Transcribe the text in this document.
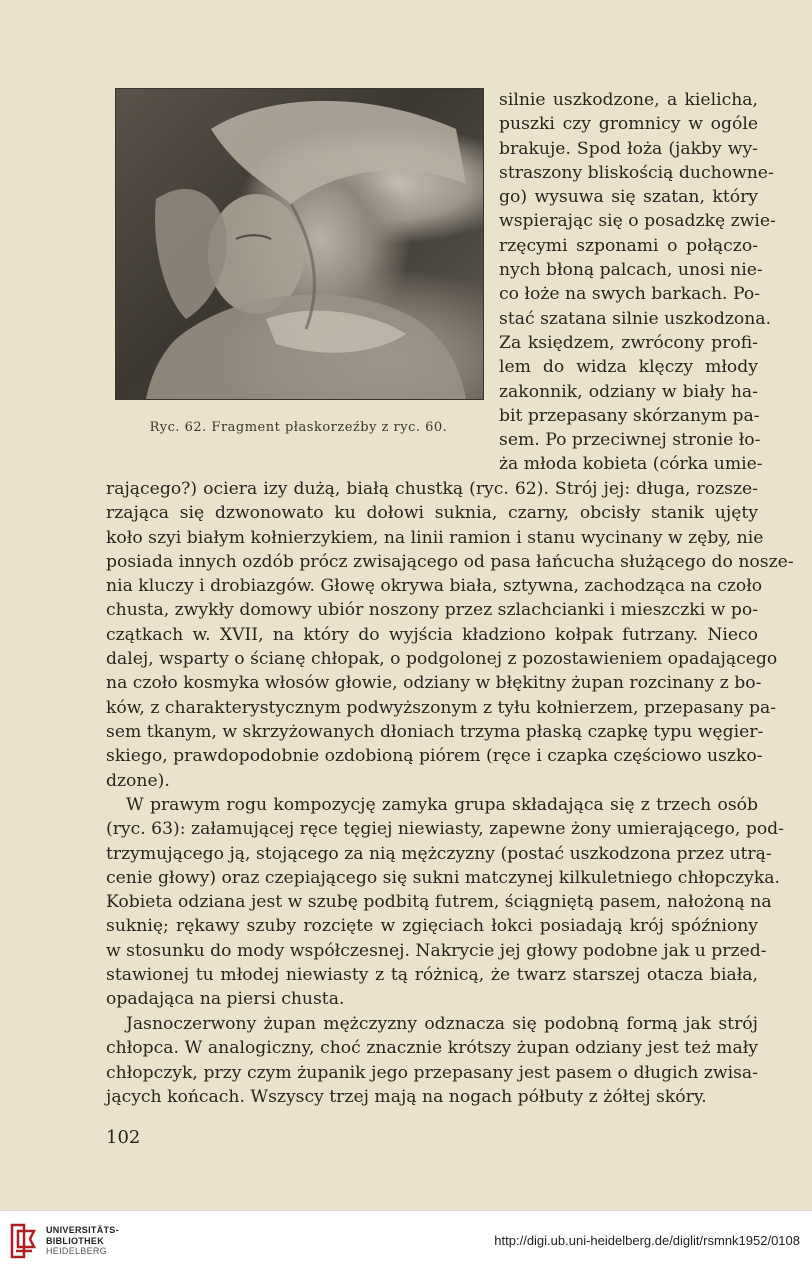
Ryc. 62. Fragment płaskorzeźby z ryc. 60.
silnie uszkodzone, a kielicha,
puszki czy gromnicy w ogóle
brakuje. Spod łoża (jakby wy-
straszony bliskością duchowne-
go) wysuwa się szatan, który
wspierając się o posadzkę zwie-
rzęcymi szponami o połączo-
nych błoną palcach, unosi nie-
co łoże na swych barkach. Po-
stać szatana silnie uszkodzona.
Za księdzem, zwrócony profi-
lem do widza klęczy młody
zakonnik, odziany w biały ha-
bit przepasany skórzanym pa-
sem. Po przeciwnej stronie ło-
ża młoda kobieta (córka umie-
rającego?) ociera izy dużą, białą chustką (ryc. 62). Strój jej: długa, rozsze-
rzająca się dzwonowato ku dołowi suknia, czarny, obcisły stanik ujęty
koło szyi białym kołnierzykiem, na linii ramion i stanu wycinany w zęby, nie
posiada innych ozdób prócz zwisającego od pasa łańcucha służącego do nosze-
nia kluczy i drobiazgów. Głowę okrywa biała, sztywna, zachodząca na czoło
chusta, zwykły domowy ubiór noszony przez szlachcianki i mieszczki w po-
czątkach w. XVII, na który do wyjścia kładziono kołpak futrzany. Nieco
dalej, wsparty o ścianę chłopak, o podgolonej z pozostawieniem opadającego
na czoło kosmyka włosów głowie, odziany w błękitny żupan rozcinany z bo-
ków, z charakterystycznym podwyższonym z tyłu kołnierzem, przepasany pa-
sem tkanym, w skrzyżowanych dłoniach trzyma płaską czapkę typu węgier-
skiego, prawdopodobnie ozdobioną piórem (ręce i czapka częściowo uszko-
dzone).
W prawym rogu kompozycję zamyka grupa składająca się z trzech osób
(ryc. 63): załamującej ręce tęgiej niewiasty, zapewne żony umierającego, pod-
trzymującego ją, stojącego za nią mężczyzny (postać uszkodzona przez utrą-
cenie głowy) oraz czepiającego się sukni matczynej kilkuletniego chłopczyka.
Kobieta odziana jest w szubę podbitą futrem, ściągniętą pasem, nałożoną na
suknię; rękawy szuby rozcięte w zgięciach łokci posiadają krój spóźniony
w stosunku do mody współczesnej. Nakrycie jej głowy podobne jak u przed-
stawionej tu młodej niewiasty z tą różnicą, że twarz starszej otacza biała,
opadająca na piersi chusta.
Jasnoczerwony żupan mężczyzny odznacza się podobną formą jak strój
chłopca. W analogiczny, choć znacznie krótszy żupan odziany jest też mały
chłopczyk, przy czym żupanik jego przepasany jest pasem o długich zwisa-
jących końcach. Wszyscy trzej mają na nogach półbuty z żółtej skóry.
102
UNIVERSITÄTS-
BIBLIOTHEK
HEIDELBERG
http://digi.ub.uni-heidelberg.de/diglit/rsmnk1952/0108
